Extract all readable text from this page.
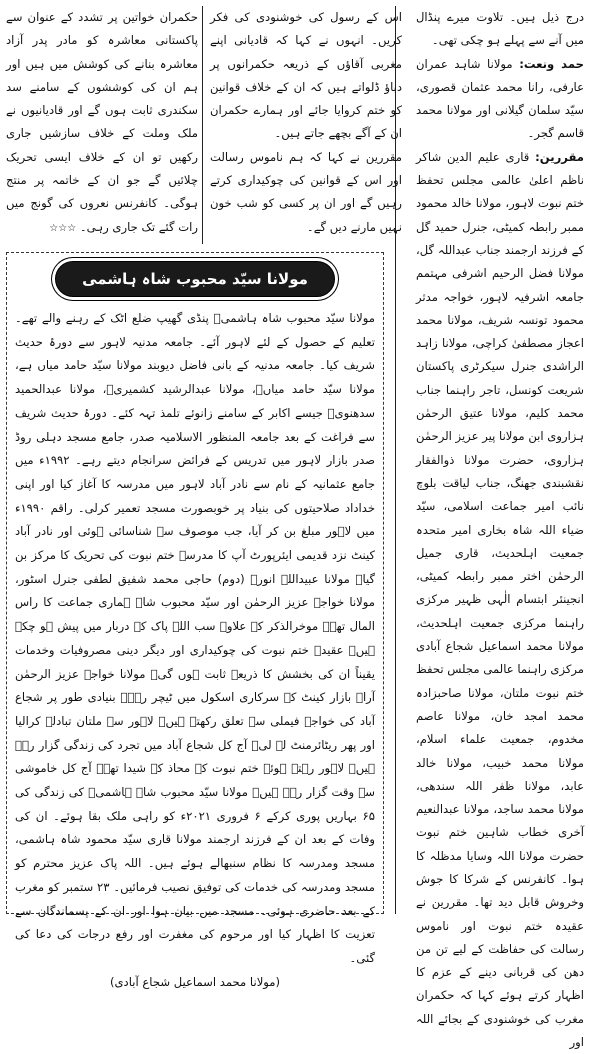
درج ذیل ہیں۔ تلاوت میرے پنڈال میں آنے سے پہلے ہو چکی تھی۔

حمد ونعت: مولانا شاہد عمران عارفی، رانا محمد عثمان قصوری، سیّد سلمان گیلانی اور مولانا محمد قاسم گجر۔

مقررین: قاری علیم الدین شاکر ناظم اعلیٰ عالمی مجلس تحفظ ختم نبوت لاہور، مولانا خالد محمود ممبر رابطہ کمیٹی، جنرل حمید گل کے فرزند ارجمند جناب عبداللہ گل، مولانا فضل الرحیم اشرفی مہتمم جامعہ اشرفیہ لاہور، خواجہ مدثر محمود تونسہ شریف، مولانا محمد اعجاز مصطفیٰ کراچی، مولانا زاہد الراشدی جنرل سیکرٹری پاکستان شریعت کونسل، تاجر راہنما جناب محمد کلیم، مولانا عتیق الرحمٰن ہزاروی ابن مولانا پیر عزیز الرحمٰن ہزاروی، حضرت مولانا ذوالفقار نقشبندی جھنگ، جناب لیاقت بلوچ نائب امیر جماعت اسلامی، سیّد ضیاء اللہ شاہ بخاری امیر متحدہ جمعیت اہلحدیث، قاری جمیل الرحمٰن اختر ممبر رابطہ کمیٹی، انجینئر ابتسام الٰہی ظہیر مرکزی راہنما مرکزی جمعیت اہلحدیث، مولانا محمد اسماعیل شجاع آبادی مرکزی راہنما عالمی مجلس تحفظ ختم نبوت ملتان، مولانا صاحبزادہ محمد امجد خان، مولانا عاصم مخدوم، جمعیت علماء اسلام، مولانا محمد خبیب، مولانا خالد عابد، مولانا ظفر اللہ سندھی، مولانا محمد ساجد، مولانا عبدالنعیم آخری خطاب شاہین ختم نبوت حضرت مولانا اللہ وسایا مدظلہ کا ہوا۔ کانفرنس کے شرکا کا جوش وخروش قابل دید تھا۔ مقررین نے عقیدہ ختم نبوت اور ناموس رسالت کی حفاظت کے لیے تن من دھن کی قربانی دینے کے عزم کا اظہار کرتے ہوئے کہا کہ حکمران مغرب کی خوشنودی کے بجائے اللہ اور

اس کے رسول کی خوشنودی کی فکر کریں۔ انہوں نے کہا کہ قادیانی اپنے مغربی آقاؤں کے ذریعہ حکمرانوں پر دباؤ ڈلواتے ہیں کہ ان کے خلاف قوانین کو ختم کروایا جائے اور ہمارے حکمران ان کے آگے بچھے جاتے ہیں۔

مقررین نے کہا کہ ہم ناموس رسالت اور اس کے قوانین کی چوکیداری کرتے رہیں گے اور ان پر کسی کو شب خون نہیں مارنے دیں گے۔

حکمران خواتین پر تشدد کے عنوان سے پاکستانی معاشرہ کو مادر پدر آزاد معاشرہ بنانے کی کوشش میں ہیں اور ہم ان کی کوششوں کے سامنے سد سکندری ثابت ہوں گے اور قادیانیوں نے ملک وملت کے خلاف سازشیں جاری رکھیں تو ان کے خلاف ایسی تحریک چلائیں گے جو ان کے خاتمہ پر منتج ہوگی۔ کانفرنس نعروں کی گونج میں رات گئے تک جاری رہی۔ ☆☆☆

مولانا سیّد محبوب شاہ ہاشمی

مولانا سیّد محبوب شاہ ہاشمیؒ پنڈی گھیپ ضلع اٹک کے رہنے والے تھے۔ تعلیم کے حصول کے لئے لاہور آئے۔ جامعہ مدنیہ لاہور سے دورۂ حدیث شریف کیا۔ جامعہ مدنیہ کے بانی فاضل دیوبند مولانا سیّد حامد میاں ہے، مولانا سیّد حامد میاںؒ، مولانا عبدالرشید کشمیریؒ، مولانا عبدالحمید سدھنویؒ جیسے اکابر کے سامنے زانوئے تلمذ تہہ کئے۔ دورۂ حدیث شریف سے فراغت کے بعد جامعہ المنظور الاسلامیہ صدر، جامع مسجد دہلی روڈ صدر بازار لاہور میں تدریس کے فرائض سرانجام دیتے رہے۔ ۱۹۹۲ء میں جامع عثمانیہ کے نام سے نادر آباد لاہور میں مدرسہ کا آغاز کیا اور اپنی خداداد صلاحیتوں کی بنیاد پر خوبصورت مسجد تعمیر کرلی۔ راقم ۱۹۹۰ء میں لاہور مبلغ بن کر آیا، جب موصوف سے شناسائی ہوئی اور نادر آباد کینٹ نزد قدیمی ایئرپورٹ آپ کا مدرسہ ختم نبوت کی تحریک کا مرکز بن گیا۔ مولانا عبیداللہ انورؒ (دوم) حاجی محمد شفیق لطفی جنرل اسٹور، مولانا خواجہ عزیز الرحمٰن اور سیّد محبوب شاہ ہماری جماعت کا راس المال تھے۔ موخرالذکر کے علاوہ سب اللہ پاک کے دربار میں پیش ہو چکے ہیں۔ عقیدہ ختم نبوت کی چوکیداری اور دیگر دینی مصروفیات وخدمات یقیناً ان کی بخشش کا ذریعہ ثابت ہوں گی۔ مولانا خواجہ عزیز الرحمٰن آراے بازار کینٹ کے سرکاری اسکول میں ٹیچر رہے۔ بنیادی طور پر شجاع آباد کی خواجہ فیملی سے تعلق رکھتے ہیں۔ لاہور سے ملتان تبادلہ کرالیا اور پھر ریٹائرمنٹ لے لی۔ آج کل شجاع آباد میں تجرد کی زندگی گزار رہے ہیں۔ لاہور رہتے ہوئے ختم نبوت کے محاذ کے شیدا تھے۔ آج کل خاموشی سے وقت گزار رہے ہیں۔ مولانا سیّد محبوب شاہ ہاشمیؒ کی زندگی کی ۶۵ بہاریں پوری کرکے ۶ فروری ۲۰۲۱ء کو راہی ملک بقا ہوئے۔ ان کی وفات کے بعد ان کے فرزند ارجمند مولانا قاری سیّد محمود شاہ ہاشمی، مسجد ومدرسہ کا نظام سنبھالے ہوئے ہیں۔ اللہ پاک عزیز محترم کو مسجد ومدرسہ کی خدمات کی توفیق نصیب فرمائیں۔ ۲۳ ستمبر کو مغرب کے بعد حاضری ہوئی۔ مسجد میں بیان ہوا اور ان کے پسماندگان سے تعزیت کا اظہار کیا اور مرحوم کی مغفرت اور رفع درجات کی دعا کی گئی۔

(مولانا محمد اسماعیل شجاع آبادی)
